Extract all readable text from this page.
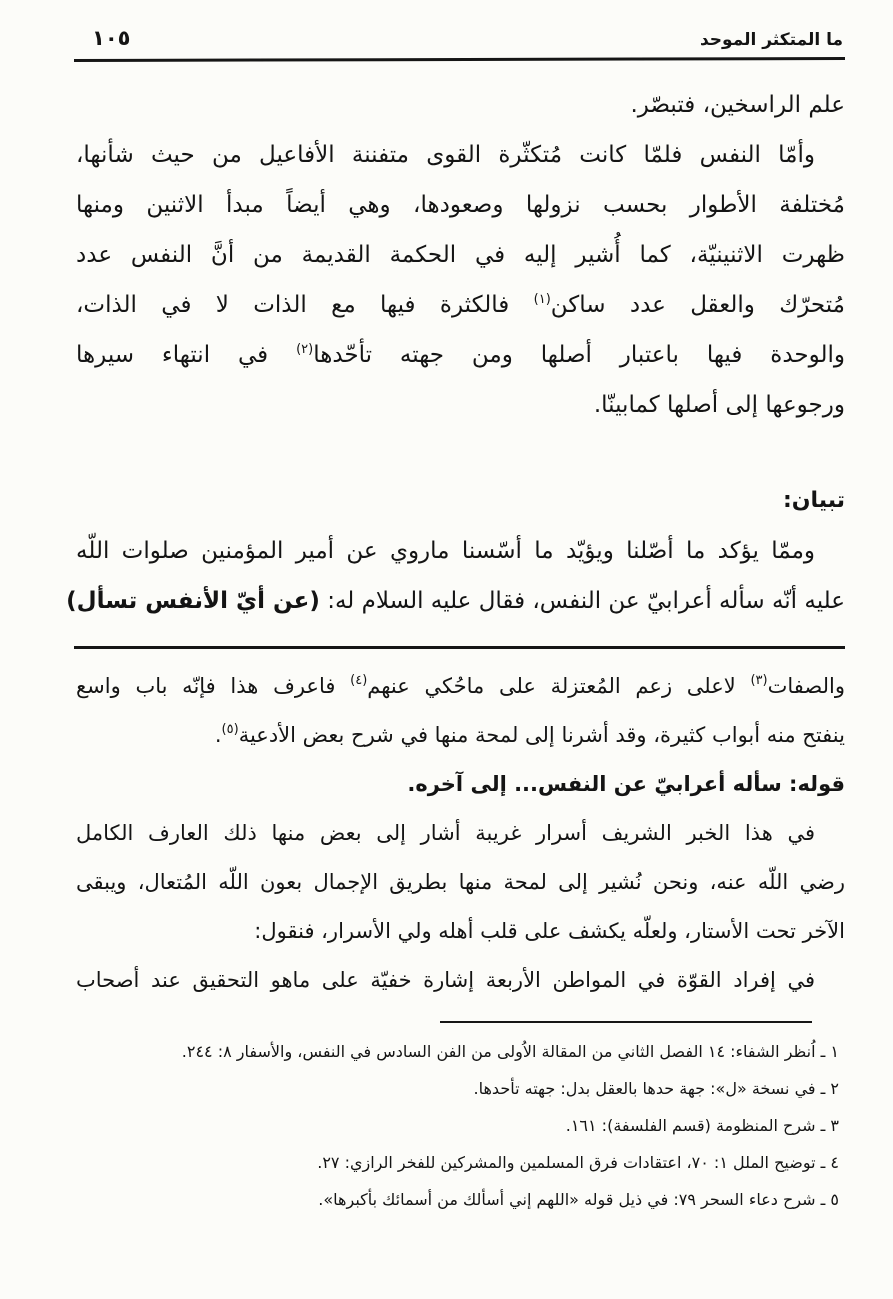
ما المتكثر الموحد
١٠٥

علم الراسخين، فتبصّر.

وأمّا النفس فلمّا كانت مُتكثّرة القوى متفننة الأفاعيل من حيث شأنها،

مُختلفة الأطوار بحسب نزولها وصعودها، وهي أيضاً مبدأ الاثنين ومنها

ظهرت الاثنينيّة، كما أُشير إليه في الحكمة القديمة من أنَّ النفس عدد

مُتحرّك والعقل عدد ساكن$^{(١)}$ فالكثرة فيها مع الذات لا في الذات،

والوحدة فيها باعتبار أصلها ومن جهته تأحّدها$^{(٢)}$ في انتهاء سيرها

ورجوعها إلى أصلها كمابينّا.

تبيان:

وممّا يؤكد ما أصّلنا ويؤيّد ما أسّسنا ماروي عن أمير المؤمنين صلوات اللّه

عليه أنّه سأله أعرابيّ عن النفس، فقال عليه السلام له: (عن أيّ الأنفس تسأل)

والصفات$^{(٣)}$ لاعلى زعم المُعتزلة على ماحُكي عنهم$^{(٤)}$ فاعرف هذا فإنّه باب واسع

ينفتح منه أبواب كثيرة، وقد أشرنا إلى لمحة منها في شرح بعض الأدعية$^{(٥)}$.

قوله: سأله أعرابيّ عن النفس... إلى آخره.

في هذا الخبر الشريف أسرار غريبة أشار إلى بعض منها ذلك العارف الكامل

رضي اللّه عنه، ونحن نُشير إلى لمحة منها بطريق الإجمال بعون اللّه المُتعال، ويبقى

الآخر تحت الأستار، ولعلّه يكشف على قلب أهله ولي الأسرار، فنقول:

في إفراد القوّة في المواطن الأربعة إشارة خفيّة على ماهو التحقيق عند أصحاب

١ ـ اُنظر الشفاء: ١٤ الفصل الثاني من المقالة الاُولى من الفن السادس في النفس، والأسفار ٨: ٢٤٤.

٢ ـ في نسخة «ل»: جهة حدها بالعقل بدل: جهته تأحدها.

٣ ـ شرح المنظومة (قسم الفلسفة): ١٦١.

٤ ـ توضيح الملل ١: ٧٠، اعتقادات فرق المسلمين والمشركين للفخر الرازي: ٢٧.

٥ ـ شرح دعاء السحر ٧٩: في ذيل قوله «اللهم إني أسألك من أسمائك بأكبرها».
